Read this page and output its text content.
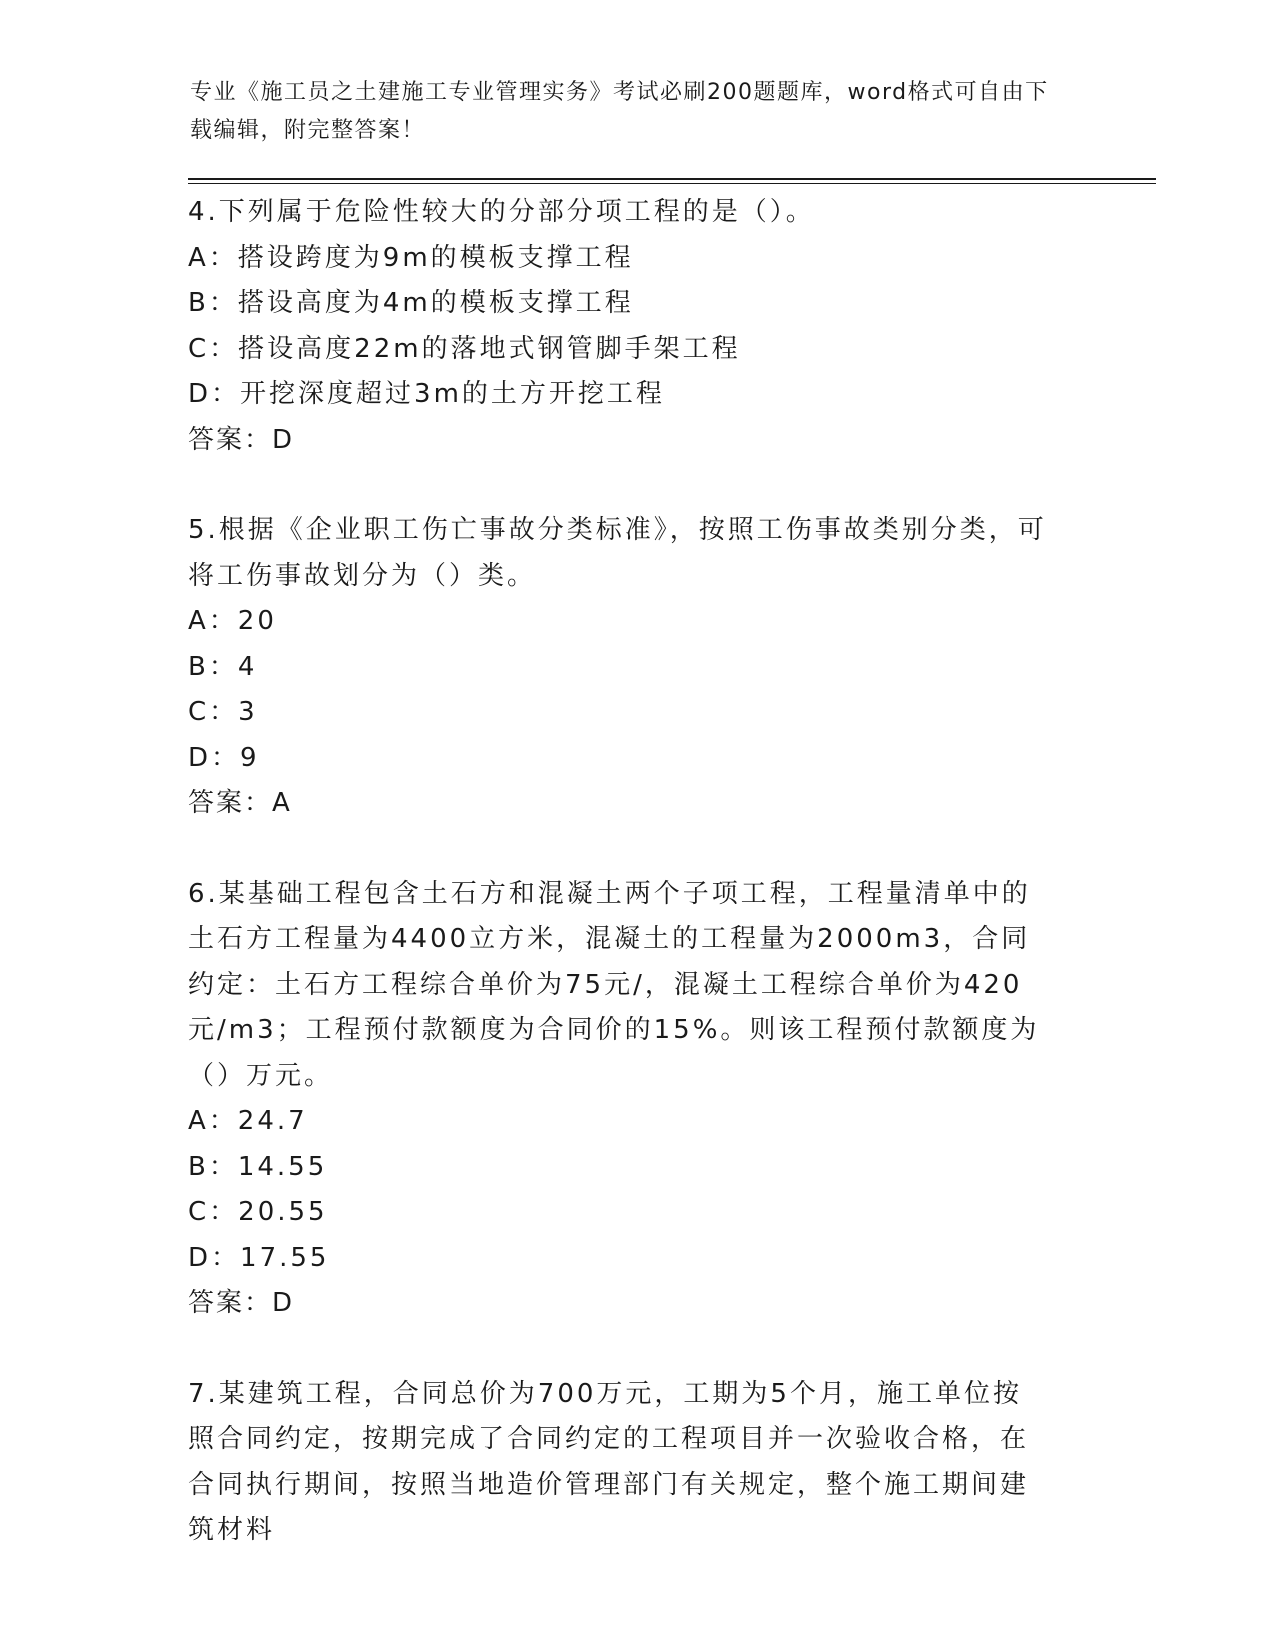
专业《施工员之土建施工专业管理实务》考试必刷200题题库，word格式可自由下载编辑，附完整答案！
4.下列属于危险性较大的分部分项工程的是（）。
A：搭设跨度为9m的模板支撑工程
B：搭设高度为4m的模板支撑工程
C：搭设高度22m的落地式钢管脚手架工程
D：开挖深度超过3m的土方开挖工程
答案：D
5.根据《企业职工伤亡事故分类标准》，按照工伤事故类别分类，可将工伤事故划分为（）类。
A：20
B：4
C：3
D：9
答案：A
6.某基础工程包含土石方和混凝土两个子项工程，工程量清单中的土石方工程量为4400立方米，混凝土的工程量为2000m3，合同约定：土石方工程综合单价为75元/，混凝土工程综合单价为420元/m3；工程预付款额度为合同价的15%。则该工程预付款额度为（）万元。
A：24.7
B：14.55
C：20.55
D：17.55
答案：D
7.某建筑工程，合同总价为700万元，工期为5个月，施工单位按照合同约定，按期完成了合同约定的工程项目并一次验收合格，在合同执行期间，按照当地造价管理部门有关规定，整个施工期间建筑材料
